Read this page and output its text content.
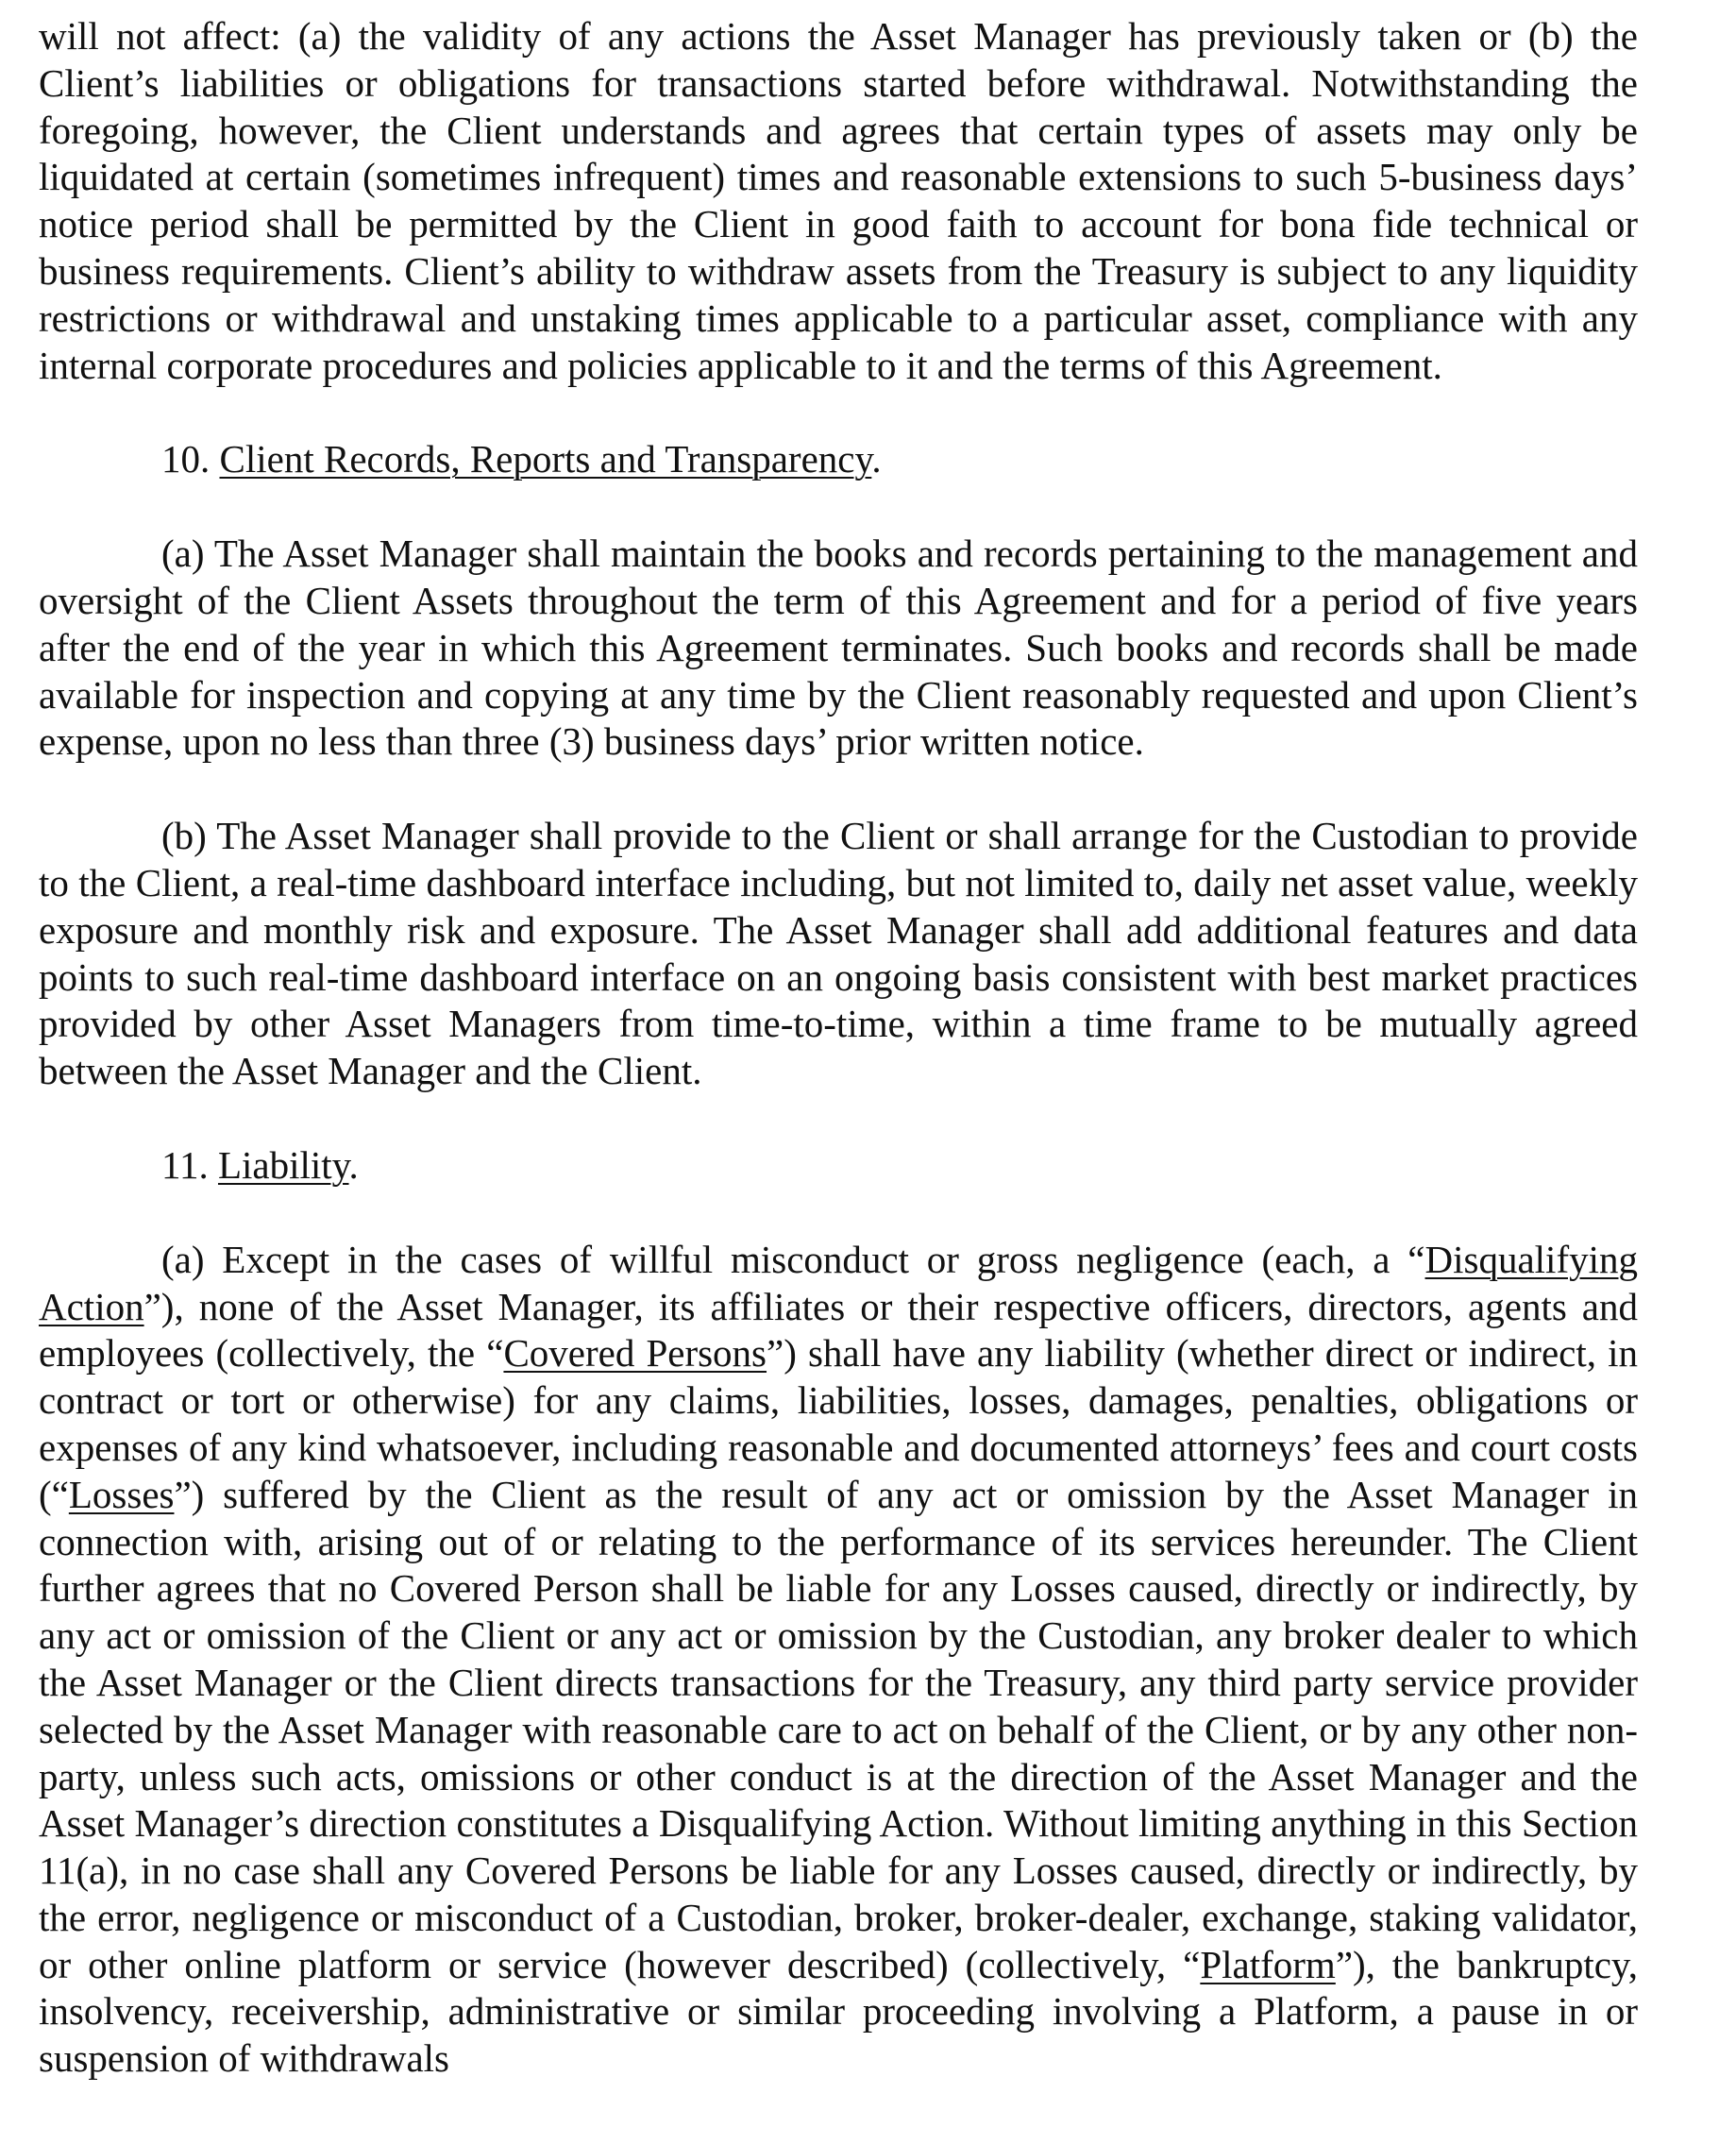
will not affect: (a) the validity of any actions the Asset Manager has previously taken or (b) the Client’s liabilities or obligations for transactions started before withdrawal. Notwithstanding the foregoing, however, the Client understands and agrees that certain types of assets may only be liquidated at certain (sometimes infrequent) times and reasonable extensions to such 5-business days’ notice period shall be permitted by the Client in good faith to account for bona fide technical or business requirements. Client’s ability to withdraw assets from the Treasury is subject to any liquidity restrictions or withdrawal and unstaking times applicable to a particular asset, compliance with any internal corporate procedures and policies applicable to it and the terms of this Agreement.

10. Client Records, Reports and Transparency.

(a) The Asset Manager shall maintain the books and records pertaining to the management and oversight of the Client Assets throughout the term of this Agreement and for a period of five years after the end of the year in which this Agreement terminates. Such books and records shall be made available for inspection and copying at any time by the Client reasonably requested and upon Client’s expense, upon no less than three (3) business days’ prior written notice.

(b) The Asset Manager shall provide to the Client or shall arrange for the Custodian to provide to the Client, a real-time dashboard interface including, but not limited to, daily net asset value, weekly exposure and monthly risk and exposure. The Asset Manager shall add additional features and data points to such real-time dashboard interface on an ongoing basis consistent with best market practices provided by other Asset Managers from time-to-time, within a time frame to be mutually agreed between the Asset Manager and the Client.

11. Liability.

(a) Except in the cases of willful misconduct or gross negligence (each, a “Disqualifying Action”), none of the Asset Manager, its affiliates or their respective officers, directors, agents and employees (collectively, the “Covered Persons”) shall have any liability (whether direct or indirect, in contract or tort or otherwise) for any claims, liabilities, losses, damages, penalties, obligations or expenses of any kind whatsoever, including reasonable and documented attorneys’ fees and court costs (“Losses”) suffered by the Client as the result of any act or omission by the Asset Manager in connection with, arising out of or relating to the performance of its services hereunder. The Client further agrees that no Covered Person shall be liable for any Losses caused, directly or indirectly, by any act or omission of the Client or any act or omission by the Custodian, any broker dealer to which the Asset Manager or the Client directs transactions for the Treasury, any third party service provider selected by the Asset Manager with reasonable care to act on behalf of the Client, or by any other non-party, unless such acts, omissions or other conduct is at the direction of the Asset Manager and the Asset Manager’s direction constitutes a Disqualifying Action. Without limiting anything in this Section 11(a), in no case shall any Covered Persons be liable for any Losses caused, directly or indirectly, by the error, negligence or misconduct of a Custodian, broker, broker-dealer, exchange, staking validator, or other online platform or service (however described) (collectively, “Platform”), the bankruptcy, insolvency, receivership, administrative or similar proceeding involving a Platform, a pause in or suspension of withdrawals
